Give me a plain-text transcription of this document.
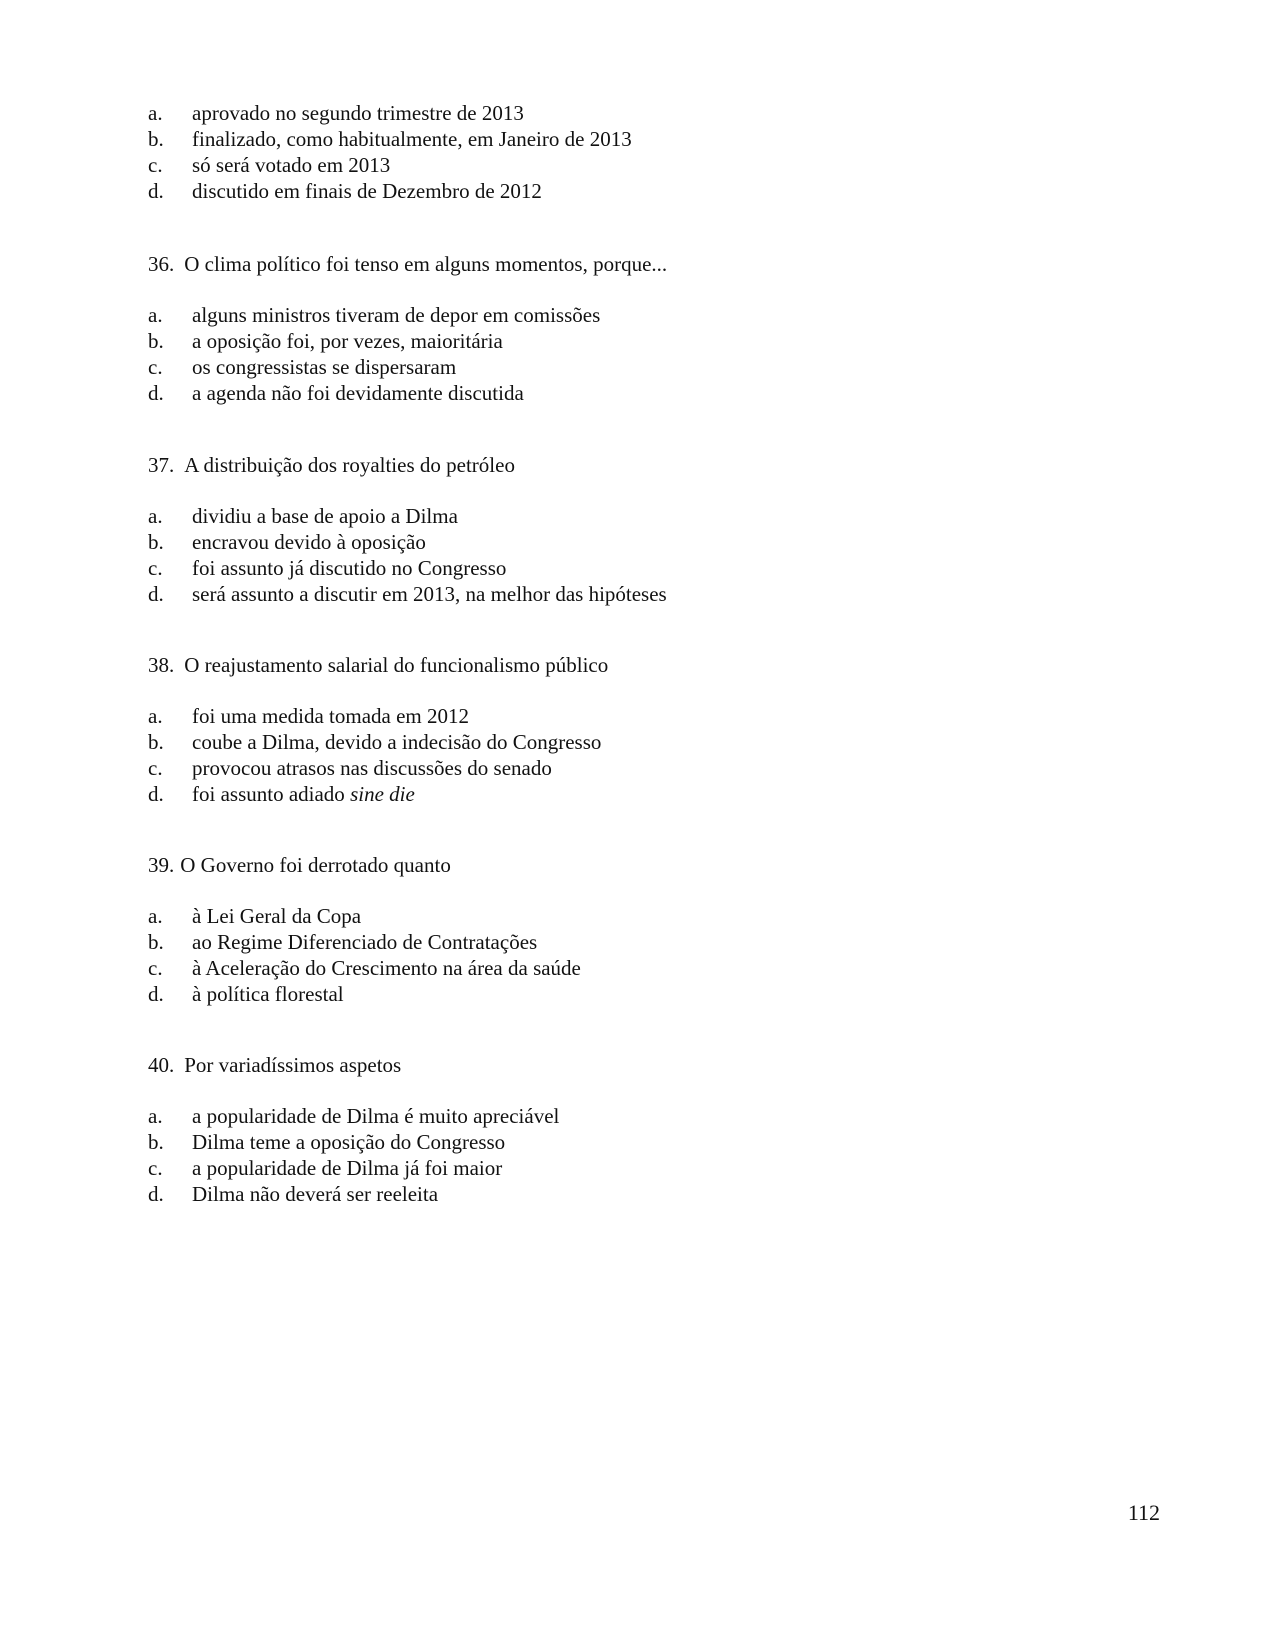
a.	aprovado no segundo trimestre de 2013
b.	finalizado, como habitualmente, em Janeiro de 2013
c.	só será votado em 2013
d.	discutido em finais de Dezembro de 2012
36. O clima político foi tenso em alguns momentos, porque...
a.	alguns ministros tiveram de depor em comissões
b.	a oposição foi, por vezes, maioritária
c.	os congressistas se dispersaram
d.	a agenda não foi devidamente discutida
37. A distribuição dos royalties do petróleo
a.	dividiu a base de apoio a Dilma
b.	encravou devido à oposição
c.	foi assunto já discutido no Congresso
d.	será assunto a discutir em 2013, na melhor das hipóteses
38. O reajustamento salarial do funcionalismo público
a.	foi uma medida tomada em 2012
b.	coube a Dilma, devido a indecisão do Congresso
c.	provocou atrasos nas discussões do senado
d.	foi assunto adiado sine die
39. O Governo foi derrotado quanto
a.	à Lei Geral da Copa
b.	ao Regime Diferenciado de Contratações
c.	à Aceleração do Crescimento na área da saúde
d.	à política florestal
40. Por variadíssimos aspetos
a.	a popularidade de Dilma é muito apreciável
b.	Dilma teme a oposição do Congresso
c.	a popularidade de Dilma já foi maior
d.	Dilma não deverá ser reeleita
112
